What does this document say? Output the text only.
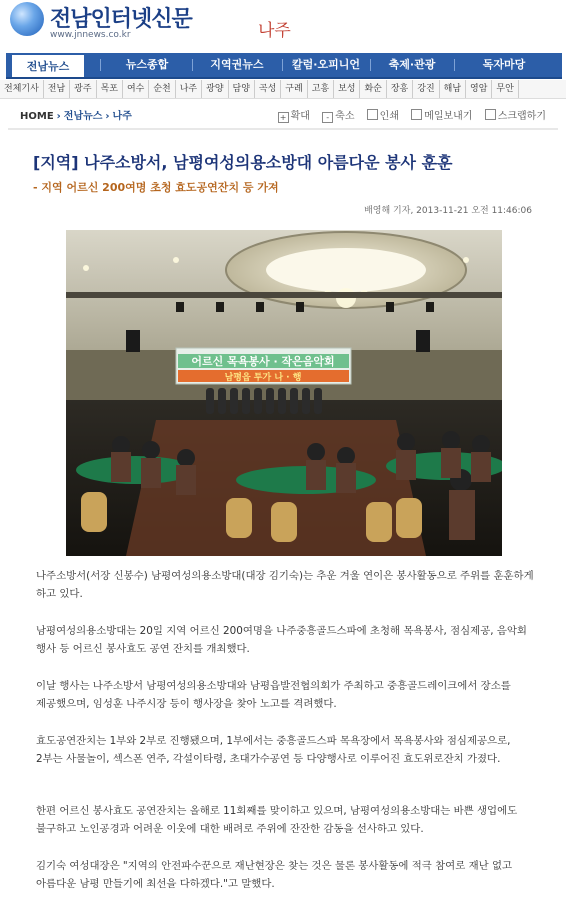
전남인터넷신문
www.jnnews.co.kr	나주
전남뉴스	뉴스종합	지역권뉴스	칼럼·오피니언	축제·관광	독자마당
전체기사 전남 광주 목포 여수 순천 나주 광양 담양 곡성 구례 고흥 보성 화순 장흥 강진 해남 영암 무안
HOME › 전남뉴스 › 나주	+ 확대 - 축소	인쇄	메일보내기	스크랩하기
[지역] 나주소방서, 남평여성의용소방대 아름다운 봉사 훈훈
- 지역 어르신 200여명 초청 효도공연잔치 등 가져
배영해 기자, 2013-11-21 오전 11:46:06
어르신 목욕봉사 · 작은음악회
남평읍 투가 나 · 행
나주소방서(서장 신봉수) 남평여성의용소방대(대장 김기숙)는 추운 겨울 연이은 봉사활동으로 주위를 훈훈하게 하고 있다.
남평여성의용소방대는 20일 지역 어르신 200여명을 나주중흥골드스파에 초청해 목욕봉사, 점심제공, 음악회 행사 등 어르신 봉사효도 공연 잔치를 개최했다.
이날 행사는 나주소방서 남평여성의용소방대와 남평읍발전협의회가 주최하고 중흥골드레이크에서 장소를 제공했으며, 임성훈 나주시장 등이 행사장을 찾아 노고를 격려했다.
효도공연잔치는 1부와 2부로 진행됐으며, 1부에서는 중흥골드스파 목욕장에서 목욕봉사와 점심제공으로, 2부는 사물놀이, 섹스폰 연주, 각설이타령, 초대가수공연 등 다양행사로 이루어진 효도위로잔치 가졌다.
한편 어르신 봉사효도 공연잔치는 올해로 11회째를 맞이하고 있으며, 남평여성의용소방대는 바쁜 생업에도 불구하고 노인공경과 어려운 이웃에 대한 배려로 주위에 잔잔한 감동을 선사하고 있다.
김기숙 여성대장은 "지역의 안전파수꾼으로 재난현장은 찾는 것은 물론 봉사활동에 적극 참여로 재난 없고 아름다운 남평 만들기에 최선을 다하겠다."고 말했다.
